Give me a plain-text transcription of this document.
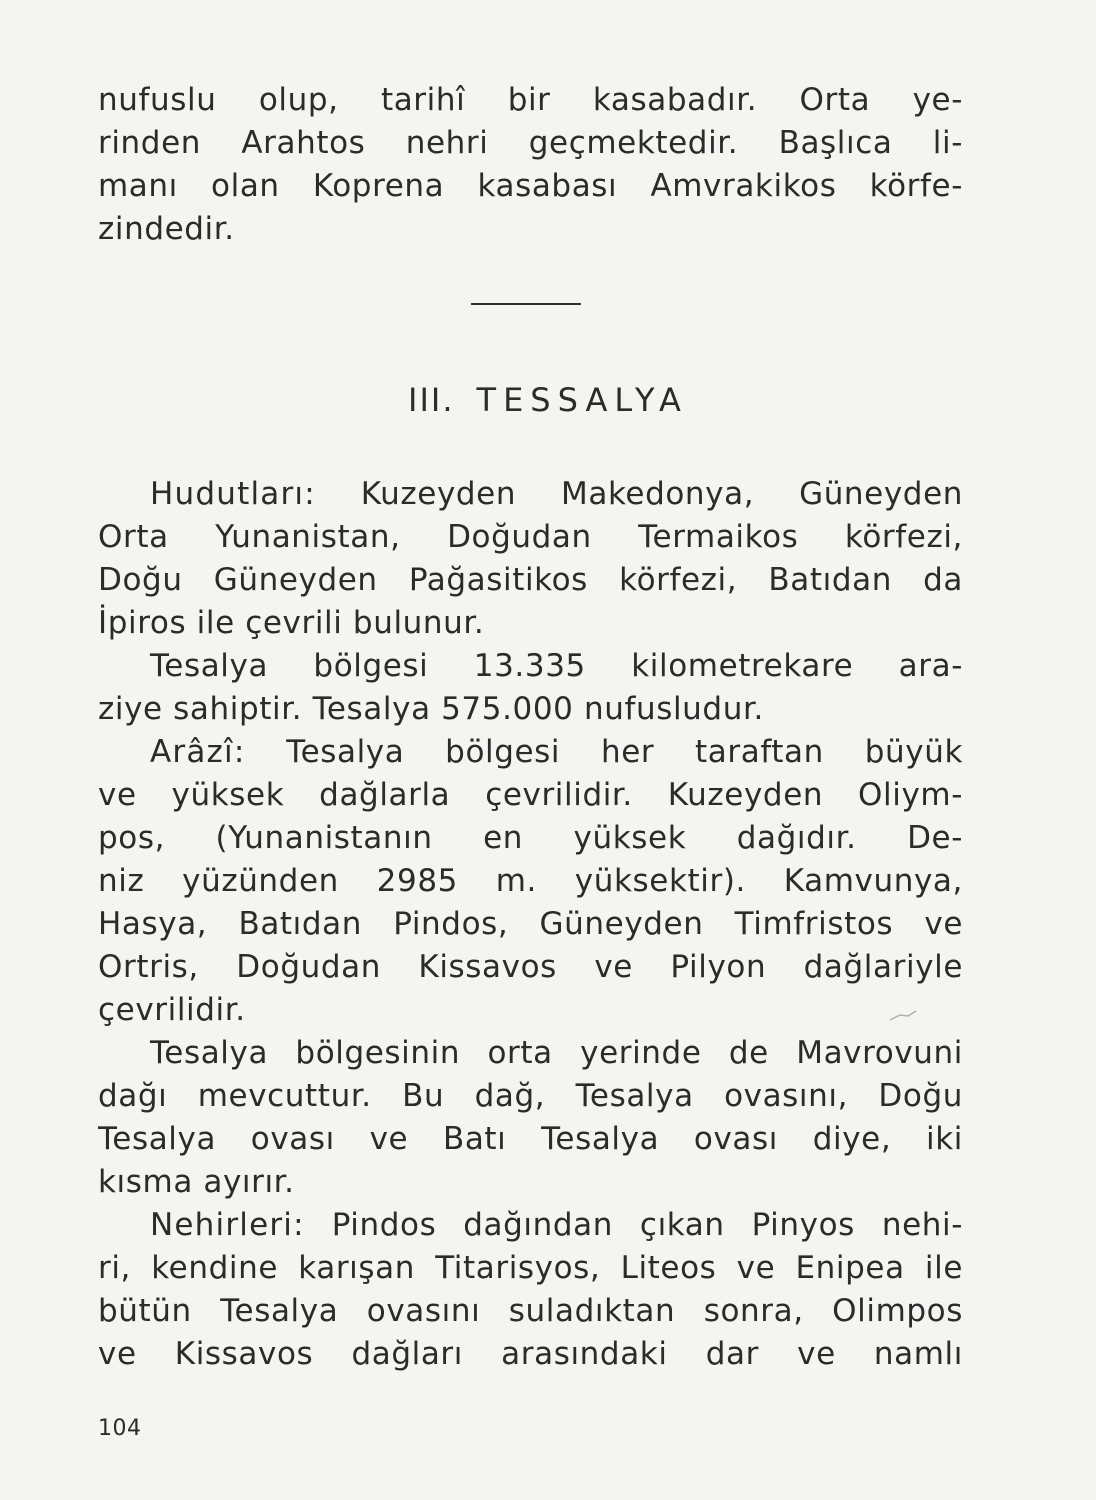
nufuslu olup, tarihî bir kasabadır. Orta ye-
rinden Arahtos nehri geçmektedir. Başlıca li-
manı olan Koprena kasabası Amvrakikos körfe-
zindedir.
III. TESSALYA
Hudutları: Kuzeyden Makedonya, Güneyden
Orta Yunanistan, Doğudan Termaikos körfezi,
Doğu Güneyden Pağasitikos körfezi, Batıdan da
İpiros ile çevrili bulunur.
Tesalya bölgesi 13.335 kilometrekare ara-
ziye sahiptir. Tesalya 575.000 nufusludur.
Arâzî: Tesalya bölgesi her taraftan büyük
ve yüksek dağlarla çevrilidir. Kuzeyden Oliym-
pos, (Yunanistanın en yüksek dağıdır. De-
niz yüzünden 2985 m. yüksektir). Kamvunya,
Hasya, Batıdan Pindos, Güneyden Timfristos ve
Ortris, Doğudan Kissavos ve Pilyon dağlariyle
çevrilidir.
Tesalya bölgesinin orta yerinde de Mavrovuni
dağı mevcuttur. Bu dağ, Tesalya ovasını, Doğu
Tesalya ovası ve Batı Tesalya ovası diye, iki
kısma ayırır.
Nehirleri: Pindos dağından çıkan Pinyos nehi-
ri, kendine karışan Titarisyos, Liteos ve Enipea ile
bütün Tesalya ovasını suladıktan sonra, Olimpos
ve Kissavos dağları arasındaki dar ve namlı
104
